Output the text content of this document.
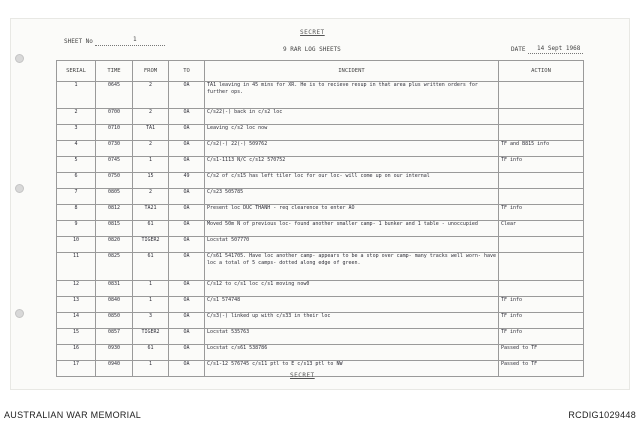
SECRET
SHEET No	1
9 RAR LOG SHEETS	DATE 14 Sept 1968
SERIAL	TIME	FROM	TO	INCIDENT	ACTION
1	0645	2	OA	TA1 leaving in 45 mins for XR. He is to recieve resup in that area plus written orders for further ops.	
2	0700	2	OA	C/s22(-) back in c/s2 loc	
3	0710	TA1	OA	Leaving c/s2 loc now	
4	0730	2	OA	C/s2(-) 22(-) 509762	TF and B815 info
5	0745	1	OA	C/s1-1113 N/C c/s12 570752	TF info
6	0750	15	49	C/s2 of c/s15 has left tiler loc for our loc- will come up on our internal	
7	0805	2	OA	C/s23 505785	
8	0812	TA21	OA	Present loc DUC THANH - req clearence to enter AO	TF info
9	0815	61	OA	Moved 50m N of previous loc- found another smaller camp- 1 bunker and 1 table - unoccupied	Clear
10	0820	TIGER2	OA	Locstat 507770	
11	0825	61	OA	C/s61 541705. Have loc another camp- appears to be a stop over camp- many tracks well worn- have loc a total of 5 camps- dotted along edge of green.	
12	0831	1	OA	C/s12 to c/s1 loc c/s1 moving now0	
13	0840	1	OA	C/s1 574748	TF info
14	0850	3	OA	C/s3(-) linked up with c/s33 in their loc	TF info
15	0857	TIGER2	OA	Locstat 535763	TF info
16	0930	61	OA	Locstat c/s61 538786	Passed to TF
17	0940	1	OA	C/s1-12 576745 c/s11 ptl to E c/s13 ptl to NW	Passed to TF
SECRET
AUSTRALIAN WAR MEMORIAL	RCDIG1029448
